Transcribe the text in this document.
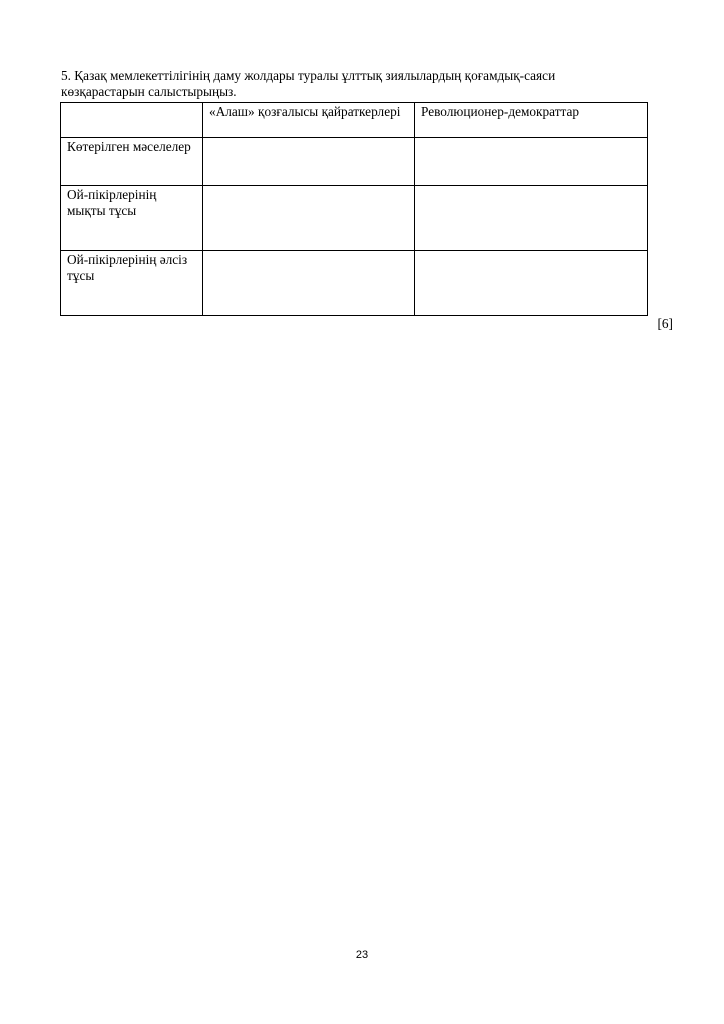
5. Қазақ мемлекеттілігінің даму жолдары туралы ұлттық зиялылардың қоғамдық-саяси
көзқарастарын салыстырыңыз.

	«Алаш» қозғалысы қайраткерлері	Революционер-демократтар
Көтерілген мәселелер		
Ой-пікірлерінің мықты тұсы		
Ой-пікірлерінің әлсіз тұсы		
[6]
23
